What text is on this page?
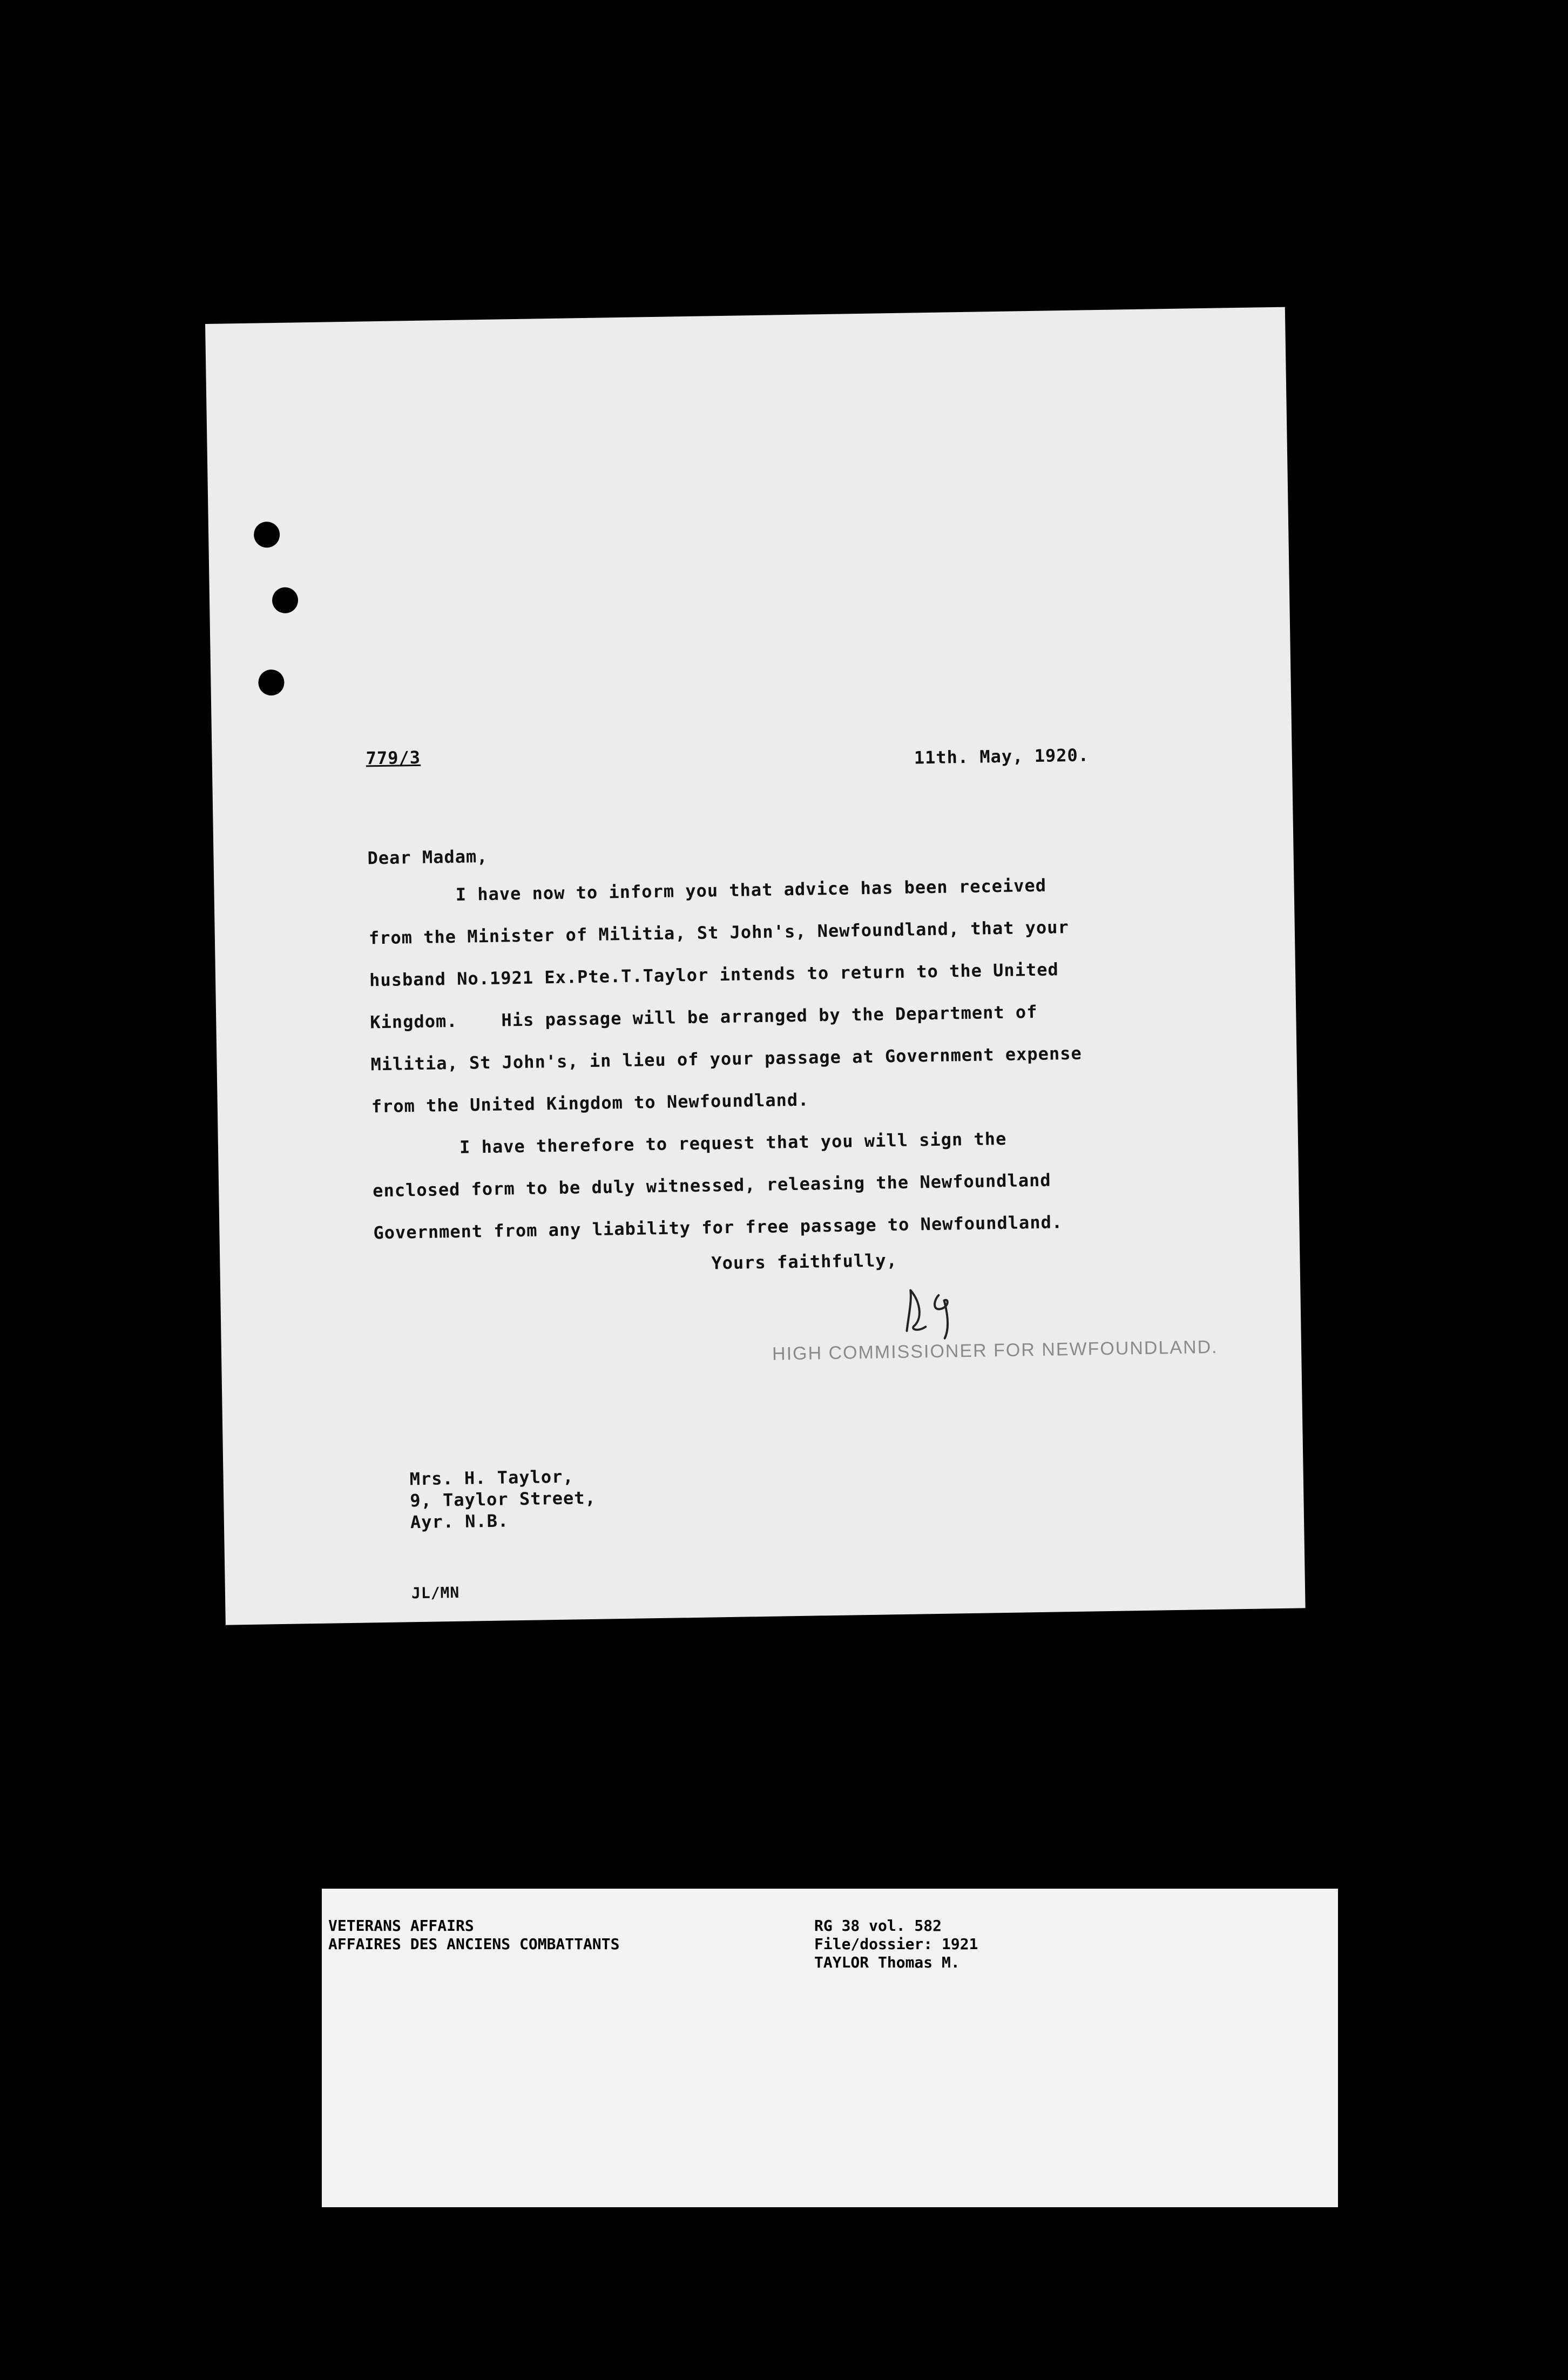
779/3	11th. May, 1920.
Dear Madam,
I have now to inform you that advice has been received
from the Minister of Militia, St John's, Newfoundland, that your
husband No.1921 Ex.Pte.T.Taylor intends to return to the United
Kingdom.    His passage will be arranged by the Department of
Militia, St John's, in lieu of your passage at Government expense
from the United Kingdom to Newfoundland.
I have therefore to request that you will sign the
enclosed form to be duly witnessed, releasing the Newfoundland
Government from any liability for free passage to Newfoundland.
Yours faithfully,
HIGH COMMISSIONER FOR NEWFOUNDLAND.
Mrs. H. Taylor,
9, Taylor Street,
Ayr. N.B.
JL/MN
VETERANS AFFAIRS
AFFAIRES DES ANCIENS COMBATTANTS
RG 38 vol. 582
File/dossier: 1921
TAYLOR Thomas M.
